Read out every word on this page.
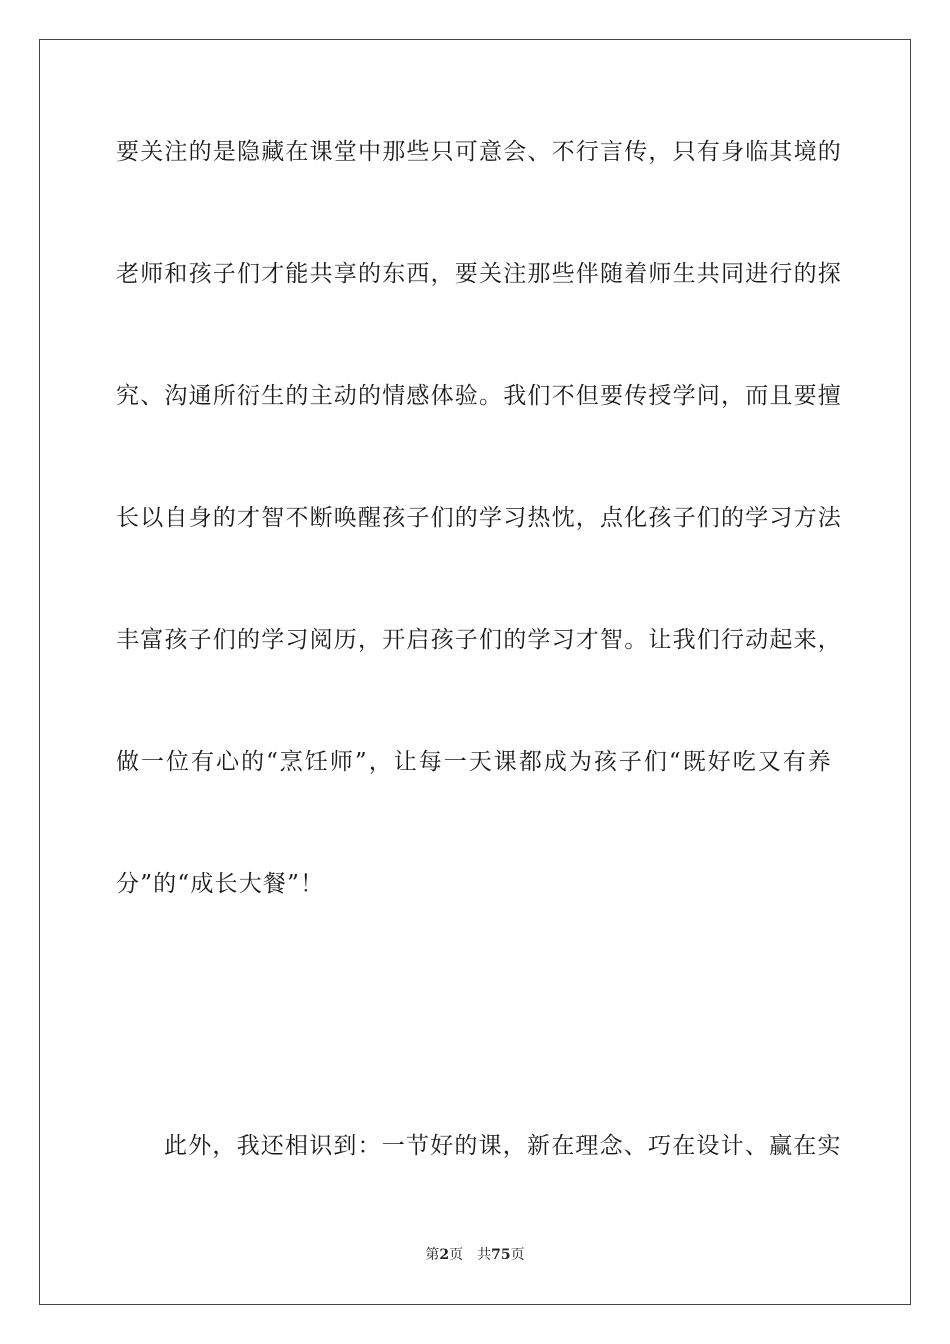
要关注的是隐藏在课堂中那些只可意会、不行言传，只有身临其境的
老师和孩子们才能共享的东西，要关注那些伴随着师生共同进行的探
究、沟通所衍生的主动的情感体验。我们不但要传授学问，而且要擅
长以自身的才智不断唤醒孩子们的学习热忱，点化孩子们的学习方法
丰富孩子们的学习阅历，开启孩子们的学习才智。让我们行动起来，
做一位有心的“烹饪师”，让每一天课都成为孩子们“既好吃又有养
分”的“成长大餐”！
此外，我还相识到：一节好的课，新在理念、巧在设计、赢在实
第2页 共75页
